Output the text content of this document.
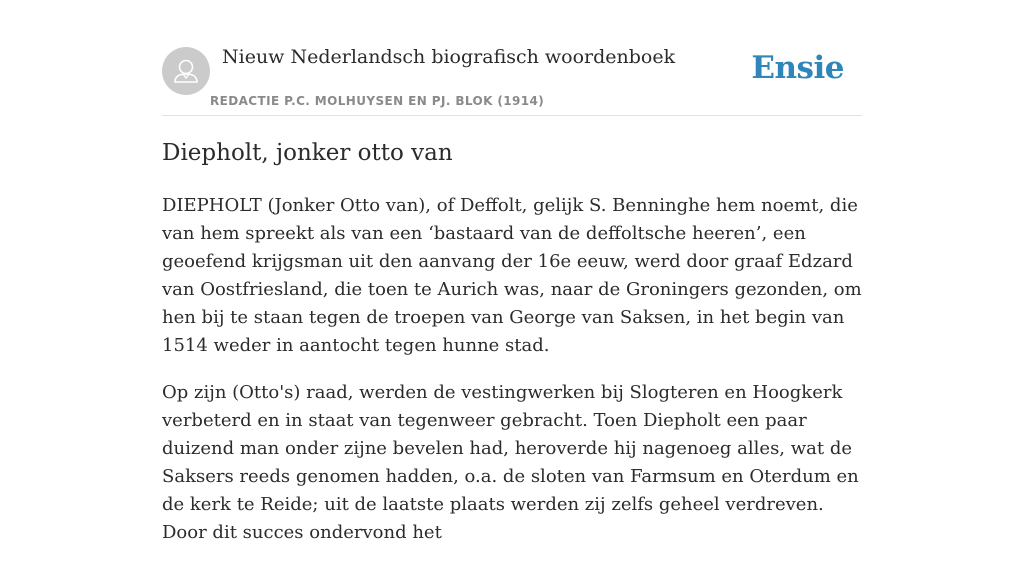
Nieuw Nederlandsch biografisch woordenboek
REDACTIE P.C. MOLHUYSEN EN PJ. BLOK (1914)
Ensie
Diepholt, jonker otto van

DIEPHOLT (Jonker Otto van), of Deffolt, gelijk S. Benninghe hem noemt, die van hem spreekt als van een ‘bastaard van de deffoltsche heeren’, een geoefend krijgsman uit den aanvang der 16e eeuw, werd door graaf Edzard van Oostfriesland, die toen te Aurich was, naar de Groningers gezonden, om hen bij te staan tegen de troepen van George van Saksen, in het begin van 1514 weder in aantocht tegen hunne stad.

Op zijn (Otto's) raad, werden de vestingwerken bij Slogteren en Hoogkerk verbeterd en in staat van tegenweer gebracht. Toen Diepholt een paar duizend man onder zijne bevelen had, heroverde hij nagenoeg alles, wat de Saksers reeds genomen hadden, o.a. de sloten van Farmsum en Oterdum en de kerk te Reide; uit de laatste plaats werden zij zelfs geheel verdreven. Door dit succes ondervond het
